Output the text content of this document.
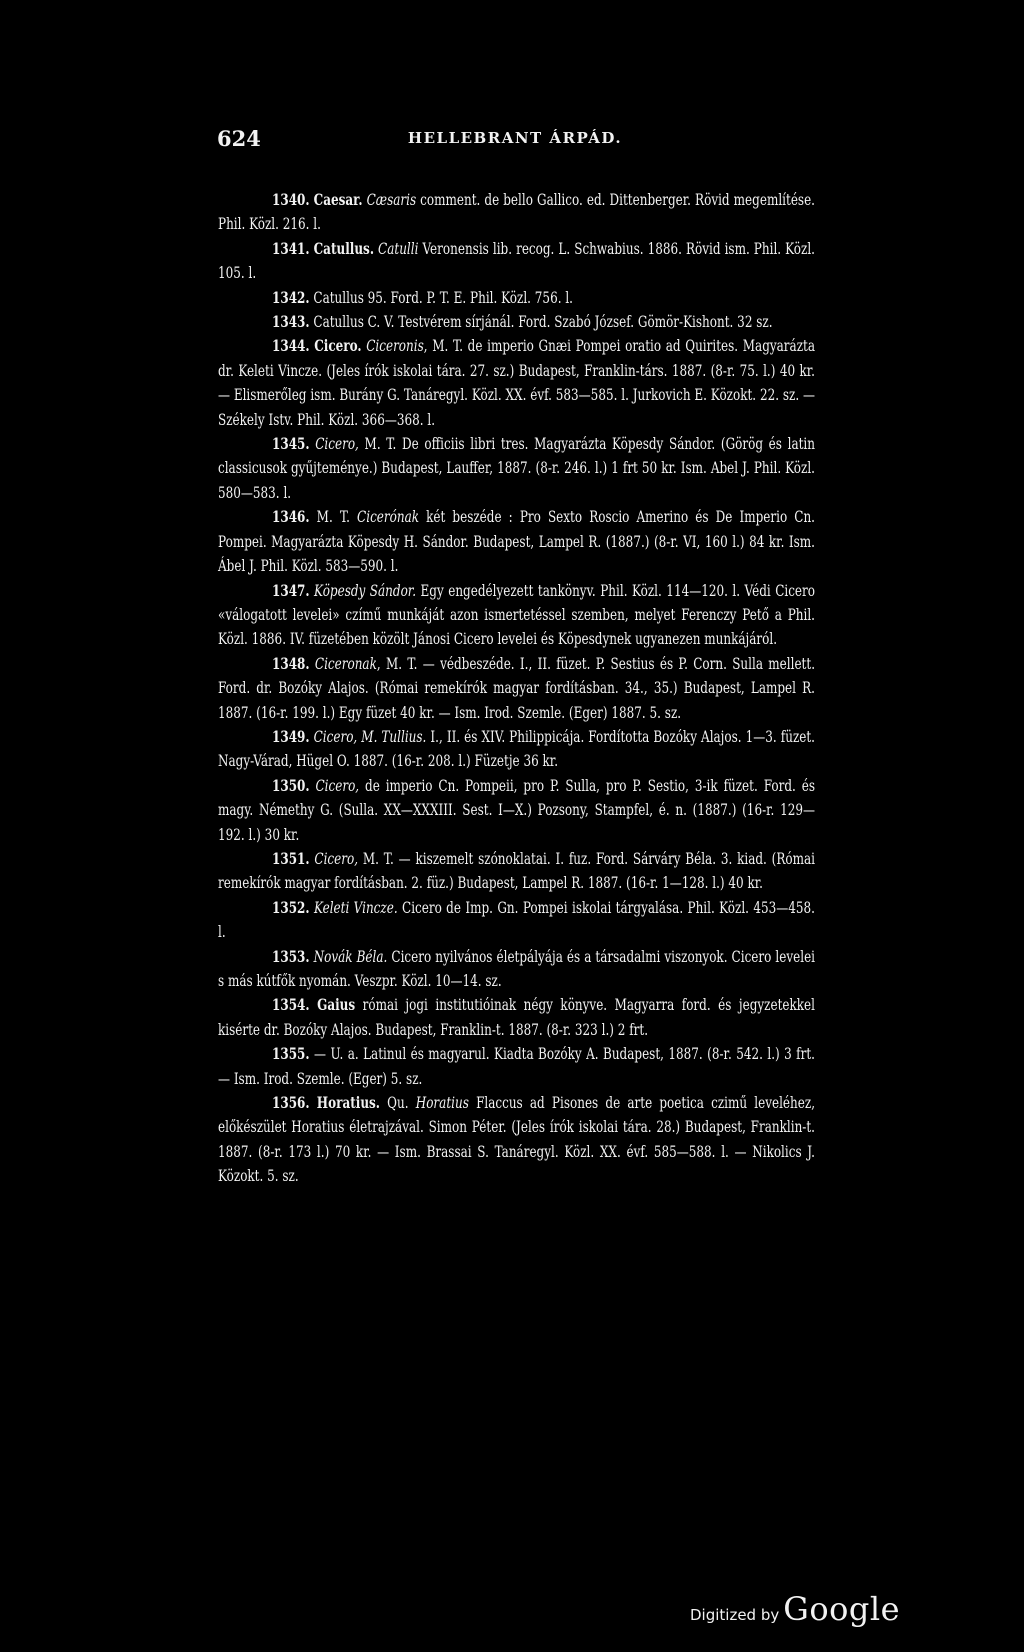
624	HELLEBRANT ÁRPÁD.

1340. Caesar. Cæsaris comment. de bello Gallico. ed. Dittenberger. Rövid megemlítése. Phil. Közl. 216. l.

1341. Catullus. Catulli Veronensis lib. recog. L. Schwabius. 1886. Rövid ism. Phil. Közl. 105. l.

1342. Catullus 95. Ford. P. T. E. Phil. Közl. 756. l.

1343. Catullus C. V. Testvérem sírjánál. Ford. Szabó József. Gömör-Kishont. 32 sz.

1344. Cicero. Ciceronis, M. T. de imperio Gnæi Pompei oratio ad Quirites. Magyarázta dr. Keleti Vincze. (Jeles írók iskolai tára. 27. sz.) Budapest, Franklin-társ. 1887. (8-r. 75. l.) 40 kr. — Elismerőleg ism. Burány G. Tanáregyl. Közl. XX. évf. 583—585. l. Jurkovich E. Közokt. 22. sz. — Székely Istv. Phil. Közl. 366—368. l.

1345. Cicero, M. T. De officiis libri tres. Magyarázta Köpesdy Sándor. (Görög és latin classicusok gyűjteménye.) Budapest, Lauffer, 1887. (8-r. 246. l.) 1 frt 50 kr. Ism. Abel J. Phil. Közl. 580—583. l.

1346. M. T. Cicerónak két beszéde : Pro Sexto Roscio Amerino és De Imperio Cn. Pompei. Magyarázta Köpesdy H. Sándor. Budapest, Lampel R. (1887.) (8-r. VI, 160 l.) 84 kr. Ism. Ábel J. Phil. Közl. 583—590. l.

1347. Köpesdy Sándor. Egy engedélyezett tankönyv. Phil. Közl. 114—120. l. Védi Cicero «válogatott levelei» czímű munkáját azon ismertetéssel szemben, melyet Ferenczy Pető a Phil. Közl. 1886. IV. füzetében közölt Jánosi Cicero levelei és Köpesdynek ugyanezen munkájáról.

1348. Ciceronak, M. T. — védbeszéde. I., II. füzet. P. Sestius és P. Corn. Sulla mellett. Ford. dr. Bozóky Alajos. (Római remekírók magyar fordításban. 34., 35.) Budapest, Lampel R. 1887. (16-r. 199. l.) Egy füzet 40 kr. — Ism. Irod. Szemle. (Eger) 1887. 5. sz.

1349. Cicero, M. Tullius. I., II. és XIV. Philippicája. Fordította Bozóky Alajos. 1—3. füzet. Nagy-Várad, Hügel O. 1887. (16-r. 208. l.) Füzetje 36 kr.

1350. Cicero, de imperio Cn. Pompeii, pro P. Sulla, pro P. Sestio, 3-ik füzet. Ford. és magy. Némethy G. (Sulla. XX—XXXIII. Sest. I—X.) Pozsony, Stampfel, é. n. (1887.) (16-r. 129—192. l.) 30 kr.

1351. Cicero, M. T. — kiszemelt szónoklatai. I. fuz. Ford. Sárváry Béla. 3. kiad. (Római remekírók magyar fordításban. 2. füz.) Budapest, Lampel R. 1887. (16-r. 1—128. l.) 40 kr.

1352. Keleti Vincze. Cicero de Imp. Gn. Pompei iskolai tárgyalása. Phil. Közl. 453—458. l.

1353. Novák Béla. Cicero nyilvános életpályája és a társadalmi viszonyok. Cicero levelei s más kútfők nyomán. Veszpr. Közl. 10—14. sz.

1354. Gaius római jogi institutióinak négy könyve. Magyarra ford. és jegyzetekkel kisérte dr. Bozóky Alajos. Budapest, Franklin-t. 1887. (8-r. 323 l.) 2 frt.

1355. — U. a. Latinul és magyarul. Kiadta Bozóky A. Budapest, 1887. (8-r. 542. l.) 3 frt. — Ism. Irod. Szemle. (Eger) 5. sz.

1356. Horatius. Qu. Horatius Flaccus ad Pisones de arte poetica czimű leveléhez, előkészület Horatius életrajzával. Simon Péter. (Jeles írók iskolai tára. 28.) Budapest, Franklin-t. 1887. (8-r. 173 l.) 70 kr. — Ism. Brassai S. Tanáregyl. Közl. XX. évf. 585—588. l. — Nikolics J. Közokt. 5. sz.

Digitized by Google
